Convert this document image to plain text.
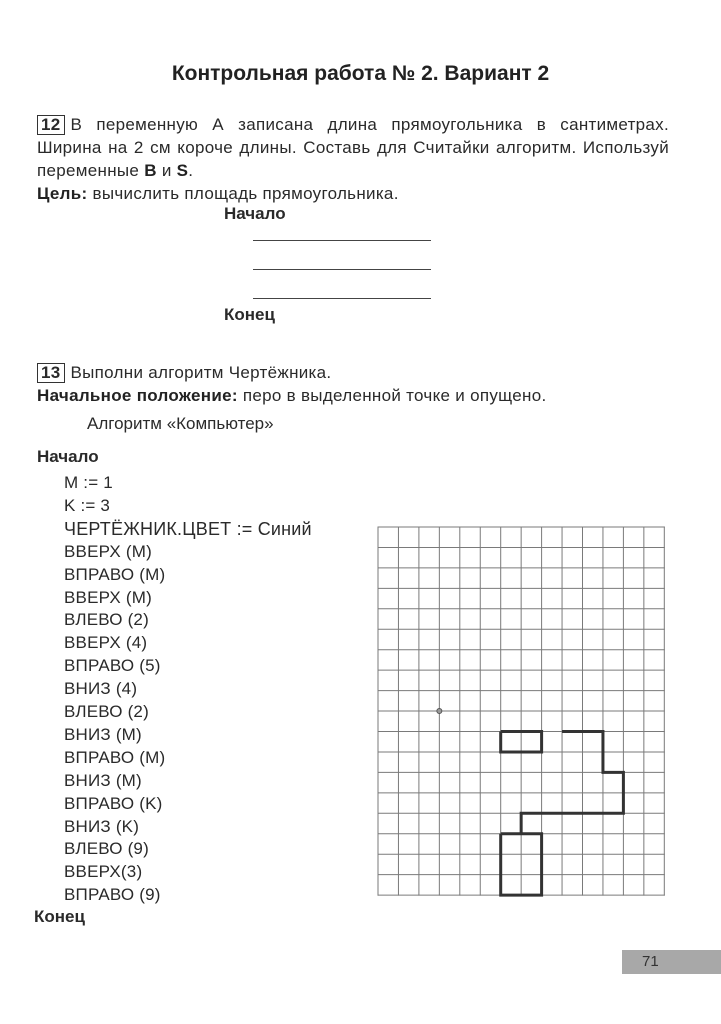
Контрольная работа № 2. Вариант 2
12 В переменную А записана длина прямоугольника в сантиметрах. Ширина на 2 см короче длины. Составь для Считайки алгоритм. Используй переменные B и S.
Цель: вычислить площадь прямоугольника.
Начало
Конец
13 Выполни алгоритм Чертёжника.
Начальное положение: перо в выделенной точке и опущено.
Алгоритм «Компьютер»
Начало
M := 1
K := 3
ЧЕРТЁЖНИК.ЦВЕТ := Синий
ВВЕРХ (M)
ВПРАВО (M)
ВВЕРХ (M)
ВЛЕВО (2)
ВВЕРХ (4)
ВПРАВО (5)
ВНИЗ (4)
ВЛЕВО (2)
ВНИЗ (M)
ВПРАВО (M)
ВНИЗ (M)
ВПРАВО (K)
ВНИЗ (K)
ВЛЕВО (9)
ВВЕРХ(3)
ВПРАВО (9)
Конец
71
